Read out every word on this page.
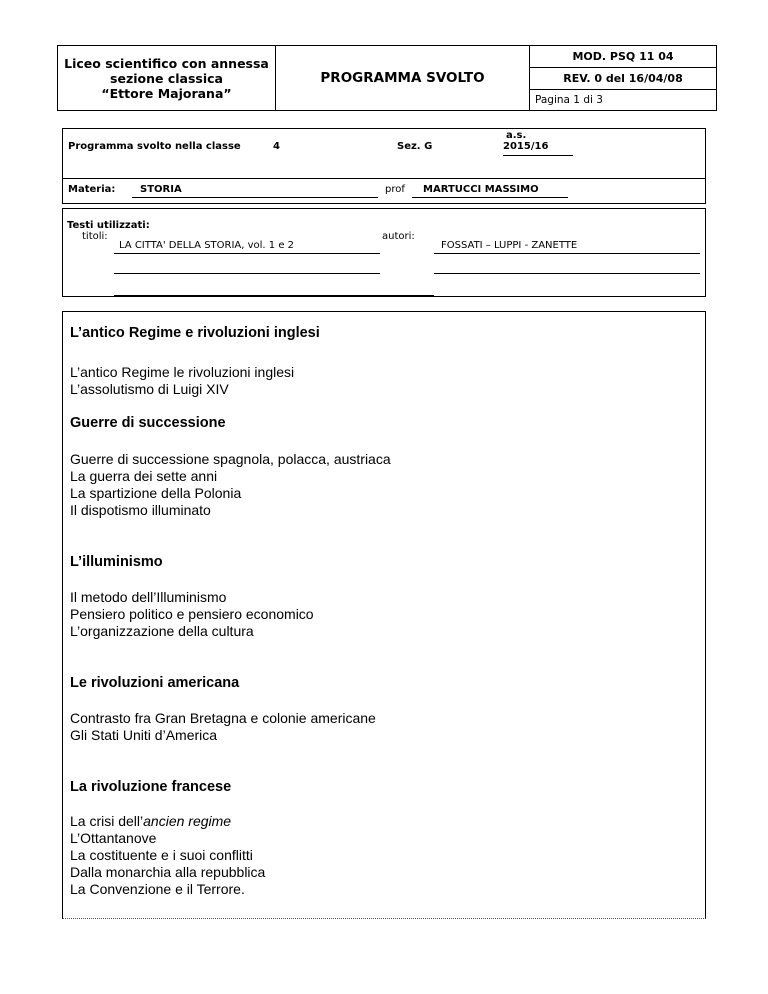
Liceo scientifico con annessa
sezione classica
“Ettore Majorana”
PROGRAMMA SVOLTO
MOD. PSQ 11 04
REV. 0 del 16/04/08
Pagina 1 di 3
Programma svolto nella classe	4	Sez. G
a.s.
2015/16
Materia: STORIA	prof MARTUCCI MASSIMO
Testi utilizzati:
titoli:
LA CITTA' DELLA STORIA, vol. 1 e 2
autori:
FOSSATI – LUPPI - ZANETTE
L’antico Regime e rivoluzioni inglesi
L’antico Regime le rivoluzioni inglesi
L’assolutismo di Luigi XIV
Guerre di successione
Guerre di successione spagnola, polacca, austriaca
La guerra dei sette anni
La spartizione della Polonia
Il dispotismo illuminato
L’illuminismo
Il metodo dell’Illuminismo
Pensiero politico e pensiero economico
L’organizzazione della cultura
Le rivoluzioni americana
Contrasto fra Gran Bretagna e colonie americane
Gli Stati Uniti d’America
La rivoluzione francese
La crisi dell’ancien regime
L’Ottantanove
La costituente e i suoi conflitti
Dalla monarchia alla repubblica
La Convenzione e il Terrore.
